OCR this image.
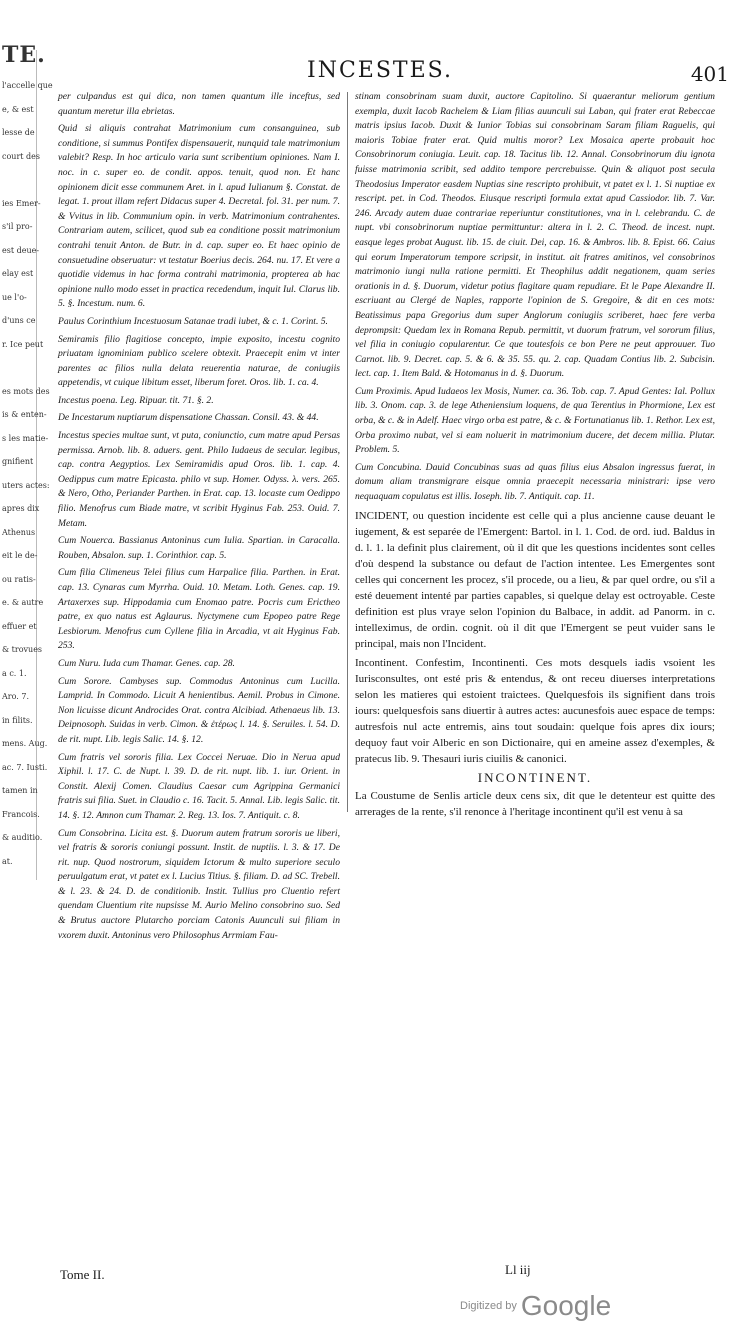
TE.
l'accelle que
e, & est
lesse de
court des
ies Emer-
s'il pro-
est deue-
elay est
ue l'o-
d'uns ce
r. Ice peut
es mots des
is & enten-
s les matie-
gnifient
uters actes:
apres dix
Athenus
eit le de-
ou ratis-
e. & autre
effuer et
& trovues
a c. 1.
Aro. 7.
in filits.
mens. Aug.
ac. 7. Iusti.
tamen in
Francois.
& auditio.
at.
INCESTES.	401

per culpandus est qui dica, non tamen quantum ille inceftus, sed quantum meretur illa ebrietas.

Quid si aliquis contrahat Matrimonium cum consanguinea, sub conditione, si summus Pontifex dispensauerit, nunquid tale matrimonium valebit? Resp. In hoc articulo varia sunt scribentium opiniones. Nam I. noc. in c. super eo. de condit. appos. tenuit, quod non. Et hanc opinionem dicit esse communem Aret. in l. apud Iulianum §. Constat. de legat. 1. prout illam refert Didacus super 4. Decretal. fol. 31. per num. 7. & Vvitus in lib. Communium opin. in verb. Matrimonium contrahentes. Contrariam autem, scilicet, quod sub ea conditione possit matrimonium contrahi tenuit Anton. de Butr. in d. cap. super eo. Et haec opinio de consuetudine obseruatur: vt testatur Boerius decis. 264. nu. 17. Et vere a quotidie videmus in hac forma contrahi matrimonia, propterea ab hac opinione nullo modo esset in practica recedendum, inquit Iul. Clarus lib. 5. §. Incestum. num. 6.

Paulus Corinthium Incestuosum Satanae tradi iubet, & c. 1. Corint. 5.

Semiramis filio flagitiose concepto, impie exposito, incestu cognito priuatam ignominiam publico scelere obtexit. Praecepit enim vt inter parentes ac filios nulla delata reuerentia naturae, de coniugiis appetendis, vt cuique libitum esset, liberum foret. Oros. lib. 1. ca. 4.

Incestus poena. Leg. Ripuar. tit. 71. §. 2.

De Incestarum nuptiarum dispensatione Chassan. Consil. 43. & 44.

Incestus species multae sunt, vt puta, coniunctio, cum matre apud Persas permissa. Arnob. lib. 8. aduers. gent. Philo Iudaeus de secular. legibus, cap. contra Aegyptios. Lex Semiramidis apud Oros. lib. 1. cap. 4. Oedippus cum matre Epicasta. philo vt sup. Homer. Odyss. λ. vers. 265. & Nero, Otho, Periander Parthen. in Erat. cap. 13. locaste cum Oedippo filio. Menofrus cum Biade matre, vt scribit Hyginus Fab. 253. Ouid. 7. Metam.

Cum Nouerca. Bassianus Antoninus cum Iulia. Spartian. in Caracalla. Rouben, Absalon. sup. 1. Corinthior. cap. 5.

Cum filia Climeneus Telei filius cum Harpalice filia. Parthen. in Erat. cap. 13. Cynaras cum Myrrha. Ouid. 10. Metam. Loth. Genes. cap. 19. Artaxerxes sup. Hippodamia cum Enomao patre. Pocris cum Erictheo patre, ex quo natus est Aglaurus. Nyctymene cum Epopeo patre Rege Lesbiorum. Menofrus cum Cyllene filia in Arcadia, vt ait Hyginus Fab. 253.

Cum Nuru. Iuda cum Thamar. Genes. cap. 28.

Cum Sorore. Cambyses sup. Commodus Antoninus cum Lucilla. Lamprid. In Commodo. Licuit A henientibus. Aemil. Probus in Cimone. Non licuisse dicunt Androcides Orat. contra Alcibiad. Athenaeus lib. 13. Deipnosoph. Suidas in verb. Cimon. & ἐτέρως l. 14. §. Seruiles. l. 54. D. de rit. nupt. Lib. legis Salic. 14. §. 12.

Cum fratris vel sororis filia. Lex Coccei Neruae. Dio in Nerua apud Xiphil. l. 17. C. de Nupt. l. 39. D. de rit. nupt. lib. 1. iur. Orient. in Constit. Alexij Comen. Claudius Caesar cum Agrippina Germanici fratris sui filia. Suet. in Claudio c. 16. Tacit. 5. Annal. Lib. legis Salic. tit. 14. §. 12. Amnon cum Thamar. 2. Reg. 13. Ios. 7. Antiquit. c. 8.

Cum Consobrina. Licita est. §. Duorum autem fratrum sororis ue liberi, vel fratris & sororis coniungi possunt. Instit. de nuptiis. l. 3. & 17. De rit. nup. Quod nostrorum, siquidem Ictorum & multo superiore seculo peruulgatum erat, vt patet ex l. Lucius Titius. §. filiam. D. ad SC. Trebell. & l. 23. & 24. D. de conditionib. Instit. Tullius pro Cluentio refert quendam Cluentium rite nupsisse M. Aurio Melino consobrino suo. Sed & Brutus auctore Plutarcho porciam Catonis Auunculi sui filiam in vxorem duxit. Antoninus vero Philosophus Arrmiam Fau-

stinam consobrinam suam duxit, auctore Capitolino. Si quaerantur meliorum gentium exempla, duxit Iacob Rachelem & Liam filias auunculi sui Laban, qui frater erat Rebeccae matris ipsius Iacob. Duxit & Iunior Tobias sui consobrinam Saram filiam Raguelis, qui maioris Tobiae frater erat. Quid multis moror? Lex Mosaica aperte probauit hoc Consobrinorum coniugia. Leuit. cap. 18. Tacitus lib. 12. Annal. Consobrinorum diu ignota fuisse matrimonia scribit, sed addito tempore percrebuisse. Quin & aliquot post secula Theodosius Imperator easdem Nuptias sine rescripto prohibuit, vt patet ex l. 1. Si nuptiae ex rescript. pet. in Cod. Theodos. Eiusque rescripti formula extat apud Cassiodor. lib. 7. Var. 246. Arcady autem duae contrariae reperiuntur constitutiones, vna in l. celebrandu. C. de nupt. vbi consobrinorum nuptiae permittuntur: altera in l. 2. C. Theod. de incest. nupt. easque leges probat August. lib. 15. de ciuit. Dei, cap. 16. & Ambros. lib. 8. Epist. 66. Caius qui eorum Imperatorum tempore scripsit, in institut. ait fratres amitinos, vel consobrinos matrimonio iungi nulla ratione permitti. Et Theophilus addit negationem, quam series orationis in d. §. Duorum, videtur potius flagitare quam repudiare. Et le Pape Alexandre II. escriuant au Clergé de Naples, rapporte l'opinion de S. Gregoire, & dit en ces mots: Beatissimus papa Gregorius dum super Anglorum coniugiis scriberet, haec fere verba deprompsit: Quedam lex in Romana Repub. permittit, vt duorum fratrum, vel sororum filius, vel filia in coniugio copularentur. Ce que toutesfois ce bon Pere ne peut approuuer. Tuo Carnot. lib. 9. Decret. cap. 5. & 6. & 35. 55. qu. 2. cap. Quadam Contius lib. 2. Subcisin. lect. cap. 1. Item Bald. & Hotomanus in d. §. Duorum.

Cum Proximis. Apud Iudaeos lex Mosis, Numer. ca. 36. Tob. cap. 7. Apud Gentes: Ial. Pollux lib. 3. Onom. cap. 3. de lege Atheniensium loquens, de qua Terentius in Phormione, Lex est orba, & c. & in Adelf. Haec virgo orba est patre, & c. & Fortunatianus lib. 1. Rethor. Lex est, Orba proximo nubat, vel si eam noluerit in matrimonium ducere, det decem millia. Plutar. Problem. 5.

Cum Concubina. Dauid Concubinas suas ad quas filius eius Absalon ingressus fuerat, in domum aliam transmigrare eisque omnia praecepit necessaria ministrari: ipse vero nequaquam copulatus est illis. Ioseph. lib. 7. Antiquit. cap. 11.

INCIDENT, ou question incidente est celle qui a plus ancienne cause deuant le iugement, & est separée de l'Emergent: Bartol. in l. 1. Cod. de ord. iud. Baldus in d. l. 1. la definit plus clairement, où il dit que les questions incidentes sont celles d'où despend la substance ou defaut de l'action intentee. Les Emergentes sont celles qui concernent les procez, s'il procede, ou a lieu, & par quel ordre, ou s'il a esté deuement intenté par parties capables, si quelque delay est octroyable. Ceste definition est plus vraye selon l'opinion du Balbace, in addit. ad Panorm. in c. intelleximus, de ordin. cognit. où il dit que l'Emergent se peut vuider sans le principal, mais non l'Incident.

Incontinent. Confestim, Incontinenti. Ces mots desquels iadis vsoient les Iurisconsultes, ont esté pris & entendus, & ont receu diuerses interpretations selon les matieres qui estoient traictees. Quelquesfois ils signifient dans trois iours: quelquesfois sans diuertir à autres actes: aucunesfois auec espace de temps: autresfois nul acte entremis, ains tout soudain: quelque fois apres dix iours; dequoy faut voir Alberic en son Dictionaire, qui en ameine assez d'exemples, & pratecus lib. 9. Thesauri iuris ciuilis & canonici.

INCONTINENT.

La Coustume de Senlis article deux cens six, dit que le detenteur est quitte des arrerages de la rente, s'il renonce à l'heritage incontinent qu'il est venu à sa

Tome II.	Ll iij
Digitized by Google
